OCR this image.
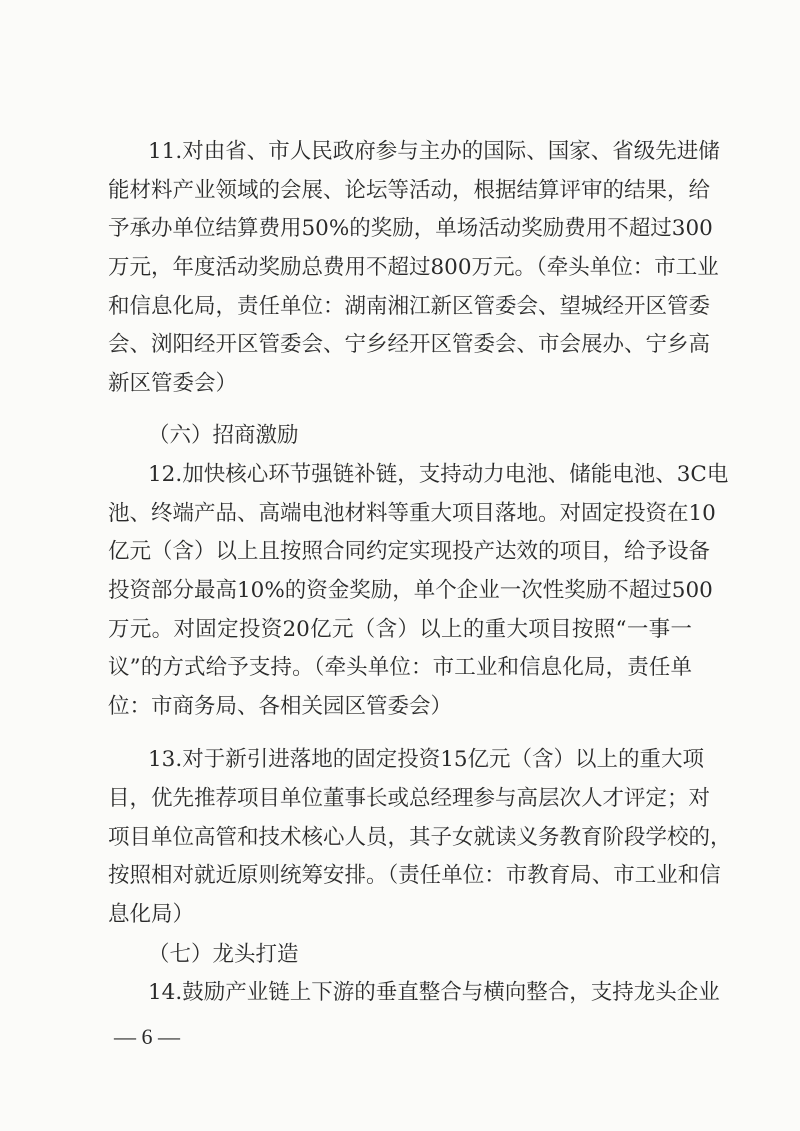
11.对由省、市人民政府参与主办的国际、国家、省级先进储
能材料产业领域的会展、论坛等活动，根据结算评审的结果，给
予承办单位结算费用50%的奖励，单场活动奖励费用不超过300
万元，年度活动奖励总费用不超过800万元。（牵头单位：市工业
和信息化局，责任单位：湖南湘江新区管委会、望城经开区管委
会、浏阳经开区管委会、宁乡经开区管委会、市会展办、宁乡高
新区管委会）
（六）招商激励
12.加快核心环节强链补链，支持动力电池、储能电池、3C电
池、终端产品、高端电池材料等重大项目落地。对固定投资在10
亿元（含）以上且按照合同约定实现投产达效的项目，给予设备
投资部分最高10%的资金奖励，单个企业一次性奖励不超过500
万元。对固定投资20亿元（含）以上的重大项目按照“一事一
议”的方式给予支持。（牵头单位：市工业和信息化局，责任单
位：市商务局、各相关园区管委会）
13.对于新引进落地的固定投资15亿元（含）以上的重大项
目，优先推荐项目单位董事长或总经理参与高层次人才评定；对
项目单位高管和技术核心人员，其子女就读义务教育阶段学校的，
按照相对就近原则统筹安排。（责任单位：市教育局、市工业和信
息化局）
（七）龙头打造
14.鼓励产业链上下游的垂直整合与横向整合，支持龙头企业
— 6 —
